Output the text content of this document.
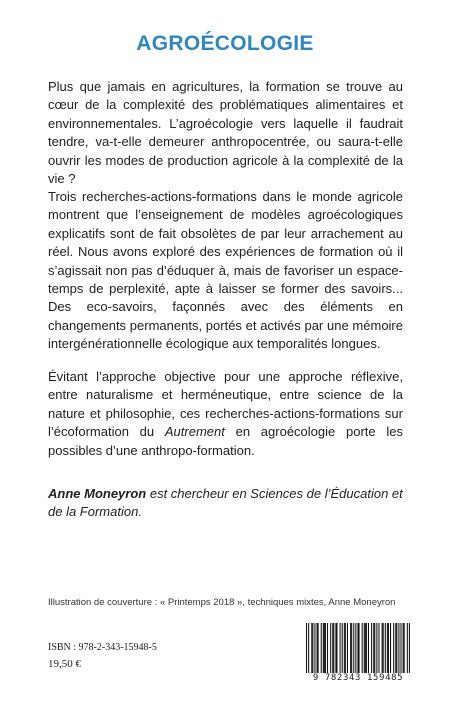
AGROÉCOLOGIE

Plus que jamais en agricultures, la formation se trouve au cœur de la complexité des problématiques alimentaires et environnementales. L’agroécologie vers laquelle il faudrait tendre, va-t-elle demeurer anthropocentrée, ou saura-t-elle ouvrir les modes de production agricole à la complexité de la vie ?

Trois recherches-actions-formations dans le monde agricole montrent que l’enseignement de modèles agroécologiques explicatifs sont de fait obsolètes de par leur arrachement au réel. Nous avons exploré des expériences de formation où il s’agissait non pas d’éduquer à, mais de favoriser un espace-temps de perplexité, apte à laisser se former des savoirs... Des eco-savoirs, façonnés avec des éléments en changements permanents, portés et activés par une mémoire intergénérationnelle écologique aux temporalités longues.

Évitant l’approche objective pour une approche réflexive, entre naturalisme et herméneutique, entre science de la nature et philosophie, ces recherches-actions-formations sur l’écoformation du Autrement en agroécologie porte les possibles d’une anthropo-formation.

Anne Moneyron est chercheur en Sciences de l’Éducation et de la Formation.
Illustration de couverture : « Printemps 2018 », techniques mixtes, Anne Moneyron
ISBN : 978-2-343-15948-5
19,50 €
9 782343 159485
